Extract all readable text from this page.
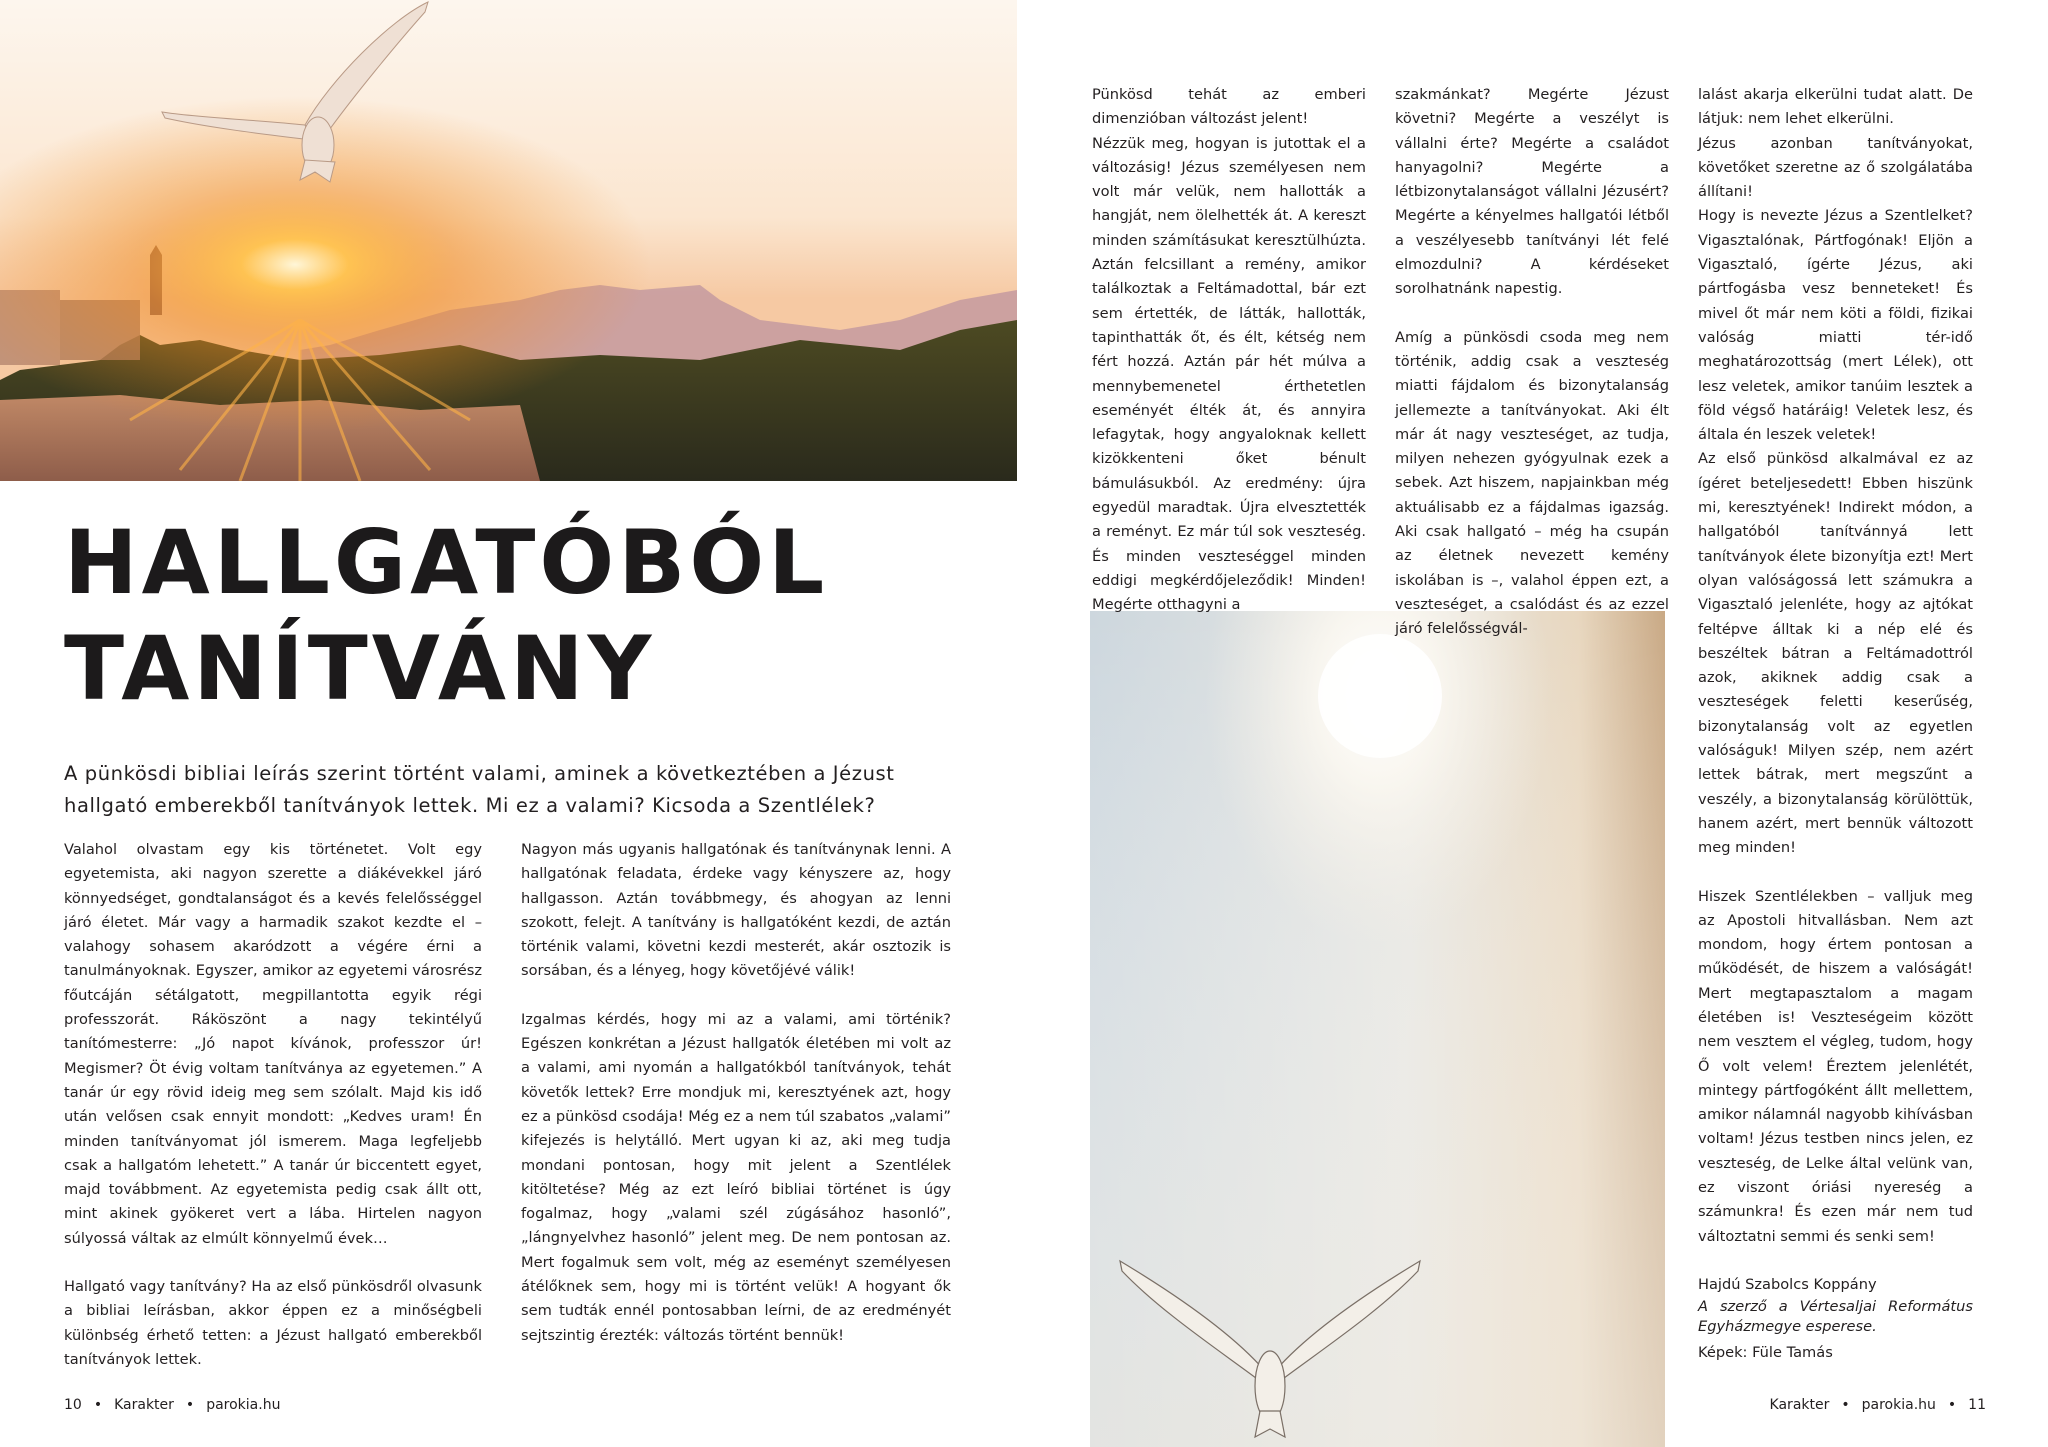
HALLGATÓBÓL
TANÍTVÁNY

A pünkösdi bibliai leírás szerint történt valami, aminek a következtében a Jézust hallgató emberekből tanítványok lettek. Mi ez a valami? Kicsoda a Szentlélek?

Valahol olvastam egy kis történetet. Volt egy egyetemista, aki nagyon szerette a diákévekkel járó könnyedséget, gondtalanságot és a kevés felelősséggel járó életet. Már vagy a harmadik szakot kezdte el – valahogy sohasem akaródzott a végére érni a tanulmányoknak. Egyszer, amikor az egyetemi városrész főutcáján sétálgatott, megpillantotta egyik régi professzorát. Ráköszönt a nagy tekintélyű tanítómesterre: „Jó napot kívánok, professzor úr! Megismer? Öt évig voltam tanítványa az egyetemen.” A tanár úr egy rövid ideig meg sem szólalt. Majd kis idő után velősen csak ennyit mondott: „Kedves uram! Én minden tanítványomat jól ismerem. Maga legfeljebb csak a hallgatóm lehetett.” A tanár úr biccentett egyet, majd továbbment. Az egyetemista pedig csak állt ott, mint akinek gyökeret vert a lába. Hirtelen nagyon súlyossá váltak az elmúlt könnyelmű évek…

Hallgató vagy tanítvány? Ha az első pünkösdről olvasunk a bibliai leírásban, akkor éppen ez a minőségbeli különbség érhető tetten: a Jézust hallgató emberekből tanítványok lettek.

Nagyon más ugyanis hallgatónak és tanítványnak lenni. A hallgatónak feladata, érdeke vagy kényszere az, hogy hallgasson. Aztán továbbmegy, és ahogyan az lenni szokott, felejt. A tanítvány is hallgatóként kezdi, de aztán történik valami, követni kezdi mesterét, akár osztozik is sorsában, és a lényeg, hogy követőjévé válik!

Izgalmas kérdés, hogy mi az a valami, ami történik? Egészen konkrétan a Jézust hallgatók életében mi volt az a valami, ami nyomán a hallgatókból tanítványok, tehát követők lettek? Erre mondjuk mi, keresztyének azt, hogy ez a pünkösd csodája! Még ez a nem túl szabatos „valami” kifejezés is helytálló. Mert ugyan ki az, aki meg tudja mondani pontosan, hogy mit jelent a Szentlélek kitöltetése? Még az ezt leíró bibliai történet is úgy fogalmaz, hogy „valami szél zúgásához hasonló”, „lángnyelvhez hasonló” jelent meg. De nem pontosan az. Mert fogalmuk sem volt, még az eseményt személyesen átélőknek sem, hogy mi is történt velük! A hogyant ők sem tudták ennél pontosabban leírni, de az eredményét sejtszintig érezték: változás történt bennük!

Pünkösd tehát az emberi dimenzióban változást jelent!

Nézzük meg, hogyan is jutottak el a változásig! Jézus személyesen nem volt már velük, nem hallották a hangját, nem ölelhették át. A kereszt minden számításukat keresztülhúzta. Aztán felcsillant a remény, amikor találkoztak a Feltámadottal, bár ezt sem értették, de látták, hallották, tapinthatták őt, és élt, kétség nem fért hozzá. Aztán pár hét múlva a mennybemenetel érthetetlen eseményét élték át, és annyira lefagytak, hogy angyaloknak kellett kizökkenteni őket bénult bámulásukból. Az eredmény: újra egyedül maradtak. Újra elvesztették a reményt. Ez már túl sok veszteség. És minden veszteséggel minden eddigi megkérdőjeleződik! Minden! Megérte otthagyni a

szakmánkat? Megérte Jézust követni? Megérte a veszélyt is vállalni érte? Megérte a családot hanyagolni? Megérte a létbizonytalanságot vállalni Jézusért? Megérte a kényelmes hallgatói létből a veszélyesebb tanítványi lét felé elmozdulni? A kérdéseket sorolhatnánk napestig.

Amíg a pünkösdi csoda meg nem történik, addig csak a veszteség miatti fájdalom és bizonytalanság jellemezte a tanítványokat. Aki élt már át nagy veszteséget, az tudja, milyen nehezen gyógyulnak ezek a sebek. Azt hiszem, napjainkban még aktuálisabb ez a fájdalmas igazság. Aki csak hallgató – még ha csupán az életnek nevezett kemény iskolában is –, valahol éppen ezt, a veszteséget, a csalódást és az ezzel járó felelősségvál-

lalást akarja elkerülni tudat alatt. De látjuk: nem lehet elkerülni.

Jézus azonban tanítványokat, követőket szeretne az ő szolgálatába állítani!

Hogy is nevezte Jézus a Szentlelket? Vigasztalónak, Pártfogónak! Eljön a Vigasztaló, ígérte Jézus, aki pártfogásba vesz benneteket! És mivel őt már nem köti a földi, fizikai valóság miatti tér-idő meghatározottság (mert Lélek), ott lesz veletek, amikor tanúim lesztek a föld végső határáig! Veletek lesz, és általa én leszek veletek!

Az első pünkösd alkalmával ez az ígéret beteljesedett! Ebben hiszünk mi, keresztyének! Indirekt módon, a hallgatóból tanítvánnyá lett tanítványok élete bizonyítja ezt! Mert olyan valóságossá lett számukra a Vigasztaló jelenléte, hogy az ajtókat feltépve álltak ki a nép elé és beszéltek bátran a Feltámadottról azok, akiknek addig csak a veszteségek feletti keserűség, bizonytalanság volt az egyetlen valóságuk! Milyen szép, nem azért lettek bátrak, mert megszűnt a veszély, a bizonytalanság körülöttük, hanem azért, mert bennük változott meg minden!

Hiszek Szentlélekben – valljuk meg az Apostoli hitvallásban. Nem azt mondom, hogy értem pontosan a működését, de hiszem a valóságát! Mert megtapasztalom a magam életében is! Veszteségeim között nem vesztem el végleg, tudom, hogy Ő volt velem! Éreztem jelenlétét, mintegy pártfogóként állt mellettem, amikor nálamnál nagyobb kihívásban voltam! Jézus testben nincs jelen, ez veszteség, de Lelke által velünk van, ez viszont óriási nyereség a számunkra! És ezen már nem tud változtatni semmi és senki sem!

Hajdú Szabolcs Koppány

A szerző a Vértesaljai Református Egyházmegye esperese.

Képek: Füle Tamás

10 • Karakter • parokia.hu	Karakter • parokia.hu • 11
